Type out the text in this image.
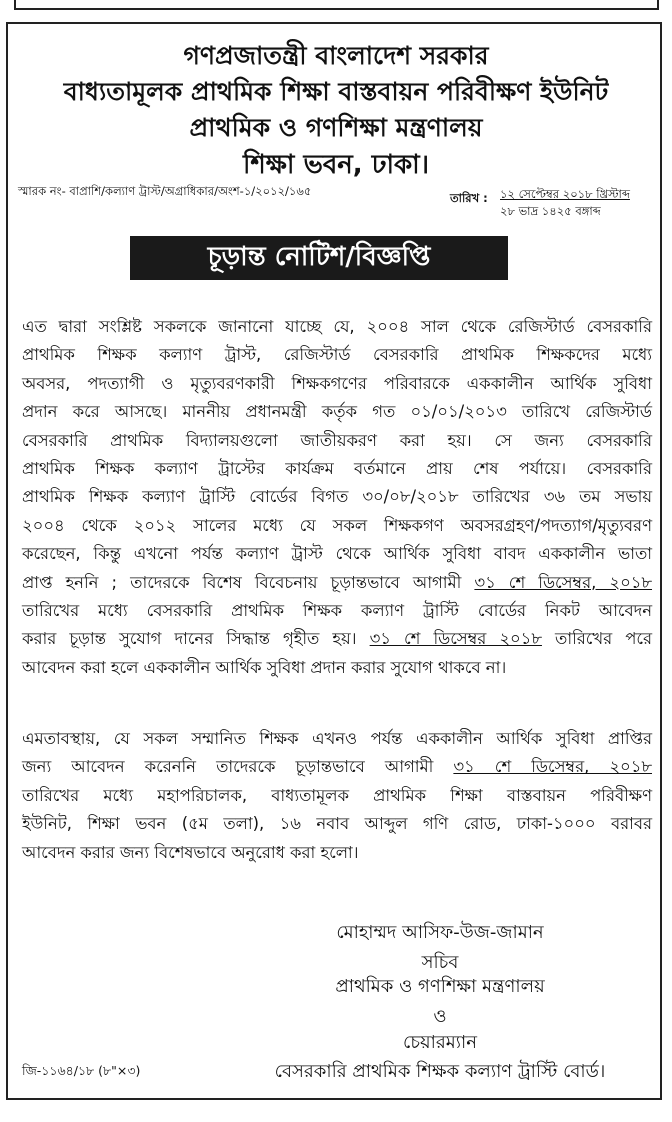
গণপ্রজাতন্ত্রী বাংলাদেশ সরকার
বাধ্যতামূলক প্রাথমিক শিক্ষা বাস্তবায়ন পরিবীক্ষণ ইউনিট
প্রাথমিক ও গণশিক্ষা মন্ত্রণালয়
শিক্ষা ভবন, ঢাকা।
স্মারক নং- বাপ্রাশি/কল্যাণ ট্রাস্ট/অগ্রাধিকার/অংশ-১/২০১২/১৬৫	তারিখ : ১২ সেপ্টেম্বর ২০১৮ খ্রিস্টাব্দ
২৮ ভাদ্র ১৪২৫ বঙ্গাব্দ
চূড়ান্ত নোটিশ/বিজ্ঞপ্তি
এত দ্বারা সংশ্লিষ্ট সকলকে জানানো যাচ্ছে যে, ২০০৪ সাল থেকে রেজিস্টার্ড বেসরকারি
প্রাথমিক শিক্ষক কল্যাণ ট্রাস্ট, রেজিস্টার্ড বেসরকারি প্রাথমিক শিক্ষকদের মধ্যে
অবসর, পদত্যাগী ও মৃত্যুবরণকারী শিক্ষকগণের পরিবারকে এককালীন আর্থিক সুবিধা
প্রদান করে আসছে। মাননীয় প্রধানমন্ত্রী কর্তৃক গত ০১/০১/২০১৩ তারিখে রেজিস্টার্ড
বেসরকারি প্রাথমিক বিদ্যালয়গুলো জাতীয়করণ করা হয়। সে জন্য বেসরকারি
প্রাথমিক শিক্ষক কল্যাণ ট্রাস্টের কার্যক্রম বর্তমানে প্রায় শেষ পর্যায়ে। বেসরকারি
প্রাথমিক শিক্ষক কল্যাণ ট্রাস্টি বোর্ডের বিগত ৩০/০৮/২০১৮ তারিখের ৩৬ তম সভায়
২০০৪ থেকে ২০১২ সালের মধ্যে যে সকল শিক্ষকগণ অবসরগ্রহণ/পদত্যাগ/মৃত্যুবরণ
করেছেন, কিন্তু এখনো পর্যন্ত কল্যাণ ট্রাস্ট থেকে আর্থিক সুবিধা বাবদ এককালীন ভাতা
প্রাপ্ত হননি ; তাদেরকে বিশেষ বিবেচনায় চূড়ান্তভাবে আগামী ৩১ শে ডিসেম্বর, ২০১৮
তারিখের মধ্যে বেসরকারি প্রাথমিক শিক্ষক কল্যাণ ট্রাস্টি বোর্ডের নিকট আবেদন
করার চূড়ান্ত সুযোগ দানের সিদ্ধান্ত গৃহীত হয়। ৩১ শে ডিসেম্বর ২০১৮ তারিখের পরে
আবেদন করা হলে এককালীন আর্থিক সুবিধা প্রদান করার সুযোগ থাকবে না।
এমতাবস্থায়, যে সকল সম্মানিত শিক্ষক এখনও পর্যন্ত এককালীন আর্থিক সুবিধা প্রাপ্তির
জন্য আবেদন করেননি তাদেরকে চূড়ান্তভাবে আগামী ৩১ শে ডিসেম্বর, ২০১৮
তারিখের মধ্যে মহাপরিচালক, বাধ্যতামূলক প্রাথমিক শিক্ষা বাস্তবায়ন পরিবীক্ষণ
ইউনিট, শিক্ষা ভবন (৫ম তলা), ১৬ নবাব আব্দুল গণি রোড, ঢাকা-১০০০ বরাবর
আবেদন করার জন্য বিশেষভাবে অনুরোধ করা হলো।
মোহাম্মদ আসিফ-উজ-জামান
সচিব
প্রাথমিক ও গণশিক্ষা মন্ত্রণালয়
ও
চেয়ারম্যান
বেসরকারি প্রাথমিক শিক্ষক কল্যাণ ট্রাস্টি বোর্ড।
জি-১১৬৪/১৮ (৮"×৩)
